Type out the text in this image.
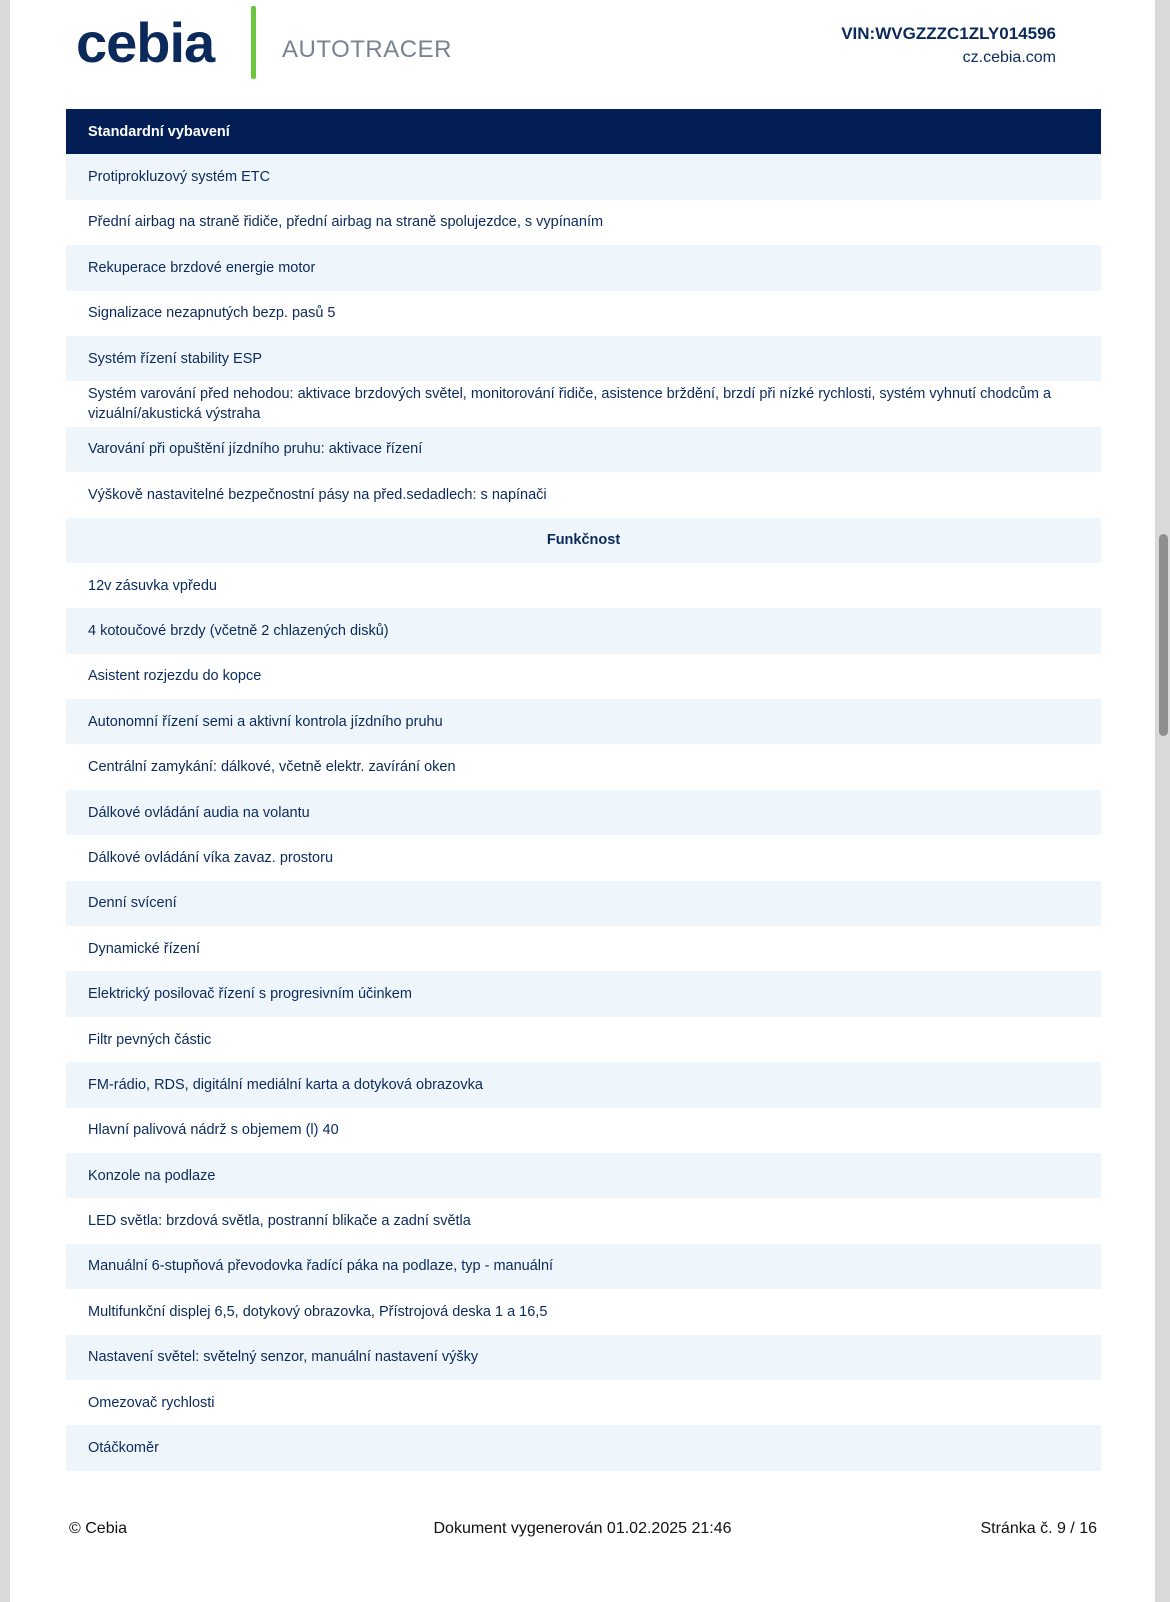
cebia	AUTOTRACER
VIN:WVGZZZC1ZLY014596
cz.cebia.com
Standardní vybavení
Protiprokluzový systém ETC
Přední airbag na straně řidiče, přední airbag na straně spolujezdce, s vypínaním
Rekuperace brzdové energie motor
Signalizace nezapnutých bezp. pasů 5
Systém řízení stability ESP
Systém varování před nehodou: aktivace brzdových světel, monitorování řidiče, asistence brždění, brzdí při nízké rychlosti, systém vyhnutí chodcům a vizuální/akustická výstraha
Varování při opuštění jízdního pruhu: aktivace řízení
Výškově nastavitelné bezpečnostní pásy na před.sedadlech: s napínači
Funkčnost
12v zásuvka vpředu
4 kotoučové brzdy (včetně 2 chlazených disků)
Asistent rozjezdu do kopce
Autonomní řízení semi a aktivní kontrola jízdního pruhu
Centrální zamykání: dálkové, včetně elektr. zavírání oken
Dálkové ovládání audia na volantu
Dálkové ovládání víka zavaz. prostoru
Denní svícení
Dynamické řízení
Elektrický posilovač řízení s progresivním účinkem
Filtr pevných částic
FM-rádio, RDS, digitální mediální karta a dotyková obrazovka
Hlavní palivová nádrž s objemem (l) 40
Konzole na podlaze
LED světla: brzdová světla, postranní blikače a zadní světla
Manuální 6-stupňová převodovka řadící páka na podlaze, typ - manuální
Multifunkční displej 6,5, dotykový obrazovka, Přístrojová deska 1 a 16,5
Nastavení světel: světelný senzor, manuální nastavení výšky
Omezovač rychlosti
Otáčkoměr
© Cebia	Dokument vygenerován 01.02.2025 21:46	Stránka č. 9 / 16
